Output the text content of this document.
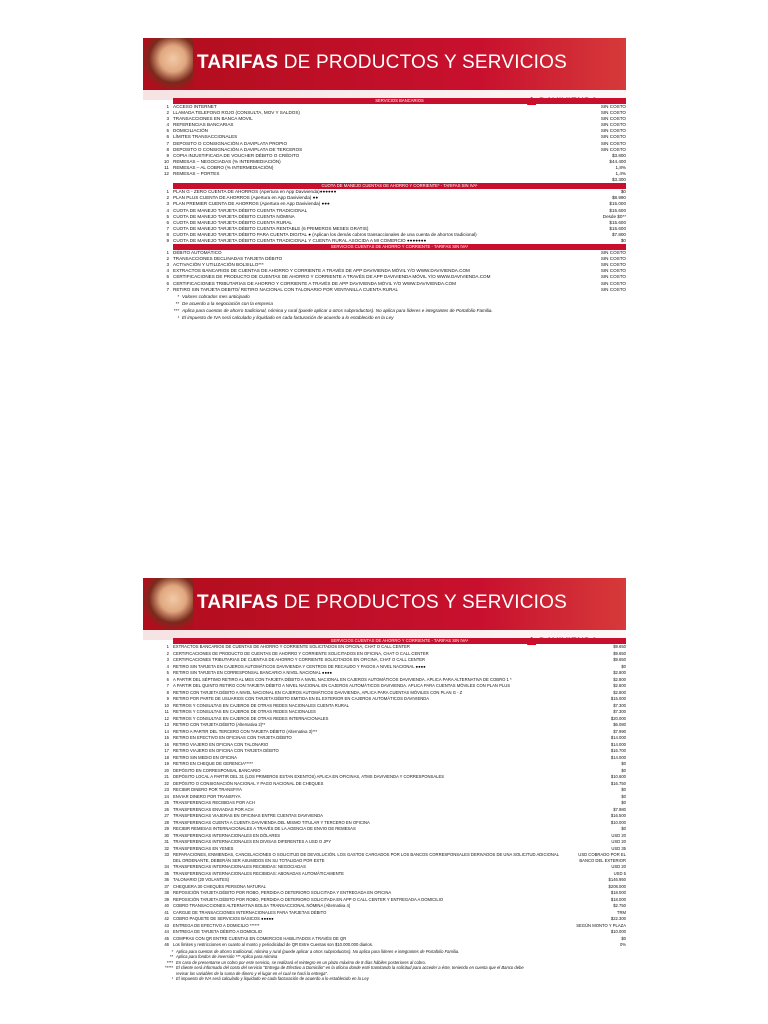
TARIFAS DE PRODUCTOS Y SERVICIOS
SERVICIOS BANCARIOS
1 ACCESO INTERNET	SIN COSTO
2 LLAMADA TELEFONO ROJO (CONSULTA, MOV Y SALDOS)	SIN COSTO
3 TRANSACCIONES EN BANCA MOVIL	SIN COSTO
4 REFERENCIAS BANCARIAS	SIN COSTO
5 DOMICILIACIÓN	SIN COSTO
6 LÍMITES TRANSACCIONALES	SIN COSTO
7 DEPOSITO O CONSIGNACIÓN A DAVIPLATA PROPIO	SIN COSTO
8 DEPOSITO O CONSIGNACIÓN A DAVIPLATA DE TERCEROS	SIN COSTO
9 COPIA INJUSTIFICADA DE VOUCHER DÉBITO O CRÉDITO	$3.800
10 REMESAS – NEGOCIADAS (% INTERMEDIACIÓN)	$44.400
11 REMESAS – AL COBRO (% INTERMEDIACIÓN)	1,8%
12 REMESAS – PORTES	1,4%
$3.300
CUOTA DE MANEJO CUENTAS DE AHORRO Y CORRIENTE* - TARIFAS SIN IVA¹
1 PLAN G - ZERO CUENTA DE AHORROS (Apertura en App Davivienda)●●●●●●	$0
2 PLAN PLUS CUENTA DE AHORROS (Apertura en App Davivienda) ●●	$8.990
3 PLAN PREMIER CUENTA DE AHORROS (Apertura en App Davivienda) ●●●	$15.000
4 CUOTA DE MANEJO TARJETA DÉBITO CUENTA TRADICIONAL	$15.600
5 CUOTA DE MANEJO TARJETA DÉBITO CUENTA NÓMINA	Desde $0**
6 CUOTA DE MANEJO TARJETA DÉBITO CUENTA RURAL	$15.600
7 CUOTA DE MANEJO TARJETA DÉBITO CUENTA RENTABLE (6 PRIMEROS MESES GRATIS)	$15.600
8 CUOTA DE MANEJO TARJETA DÉBITO PARA CUENTA DIGITAL ● (Aplican los demás cobros transaccionales de una cuenta de ahorros tradicional)	$7.800
9 CUOTA DE MANEJO TARJETA DÉBITO CUENTA TRADICIONAL Y CUENTA RURAL ASOCIDA A MI COMERCIO ●●●●●●●	$0
SERVICIOS CUENTAS DE AHORRO Y CORRIENTE - TARIFAS SIN IVA¹
1 DÉBITO AUTOMÁTICO	SIN COSTO
2 TRANSACCIONES DECLINADAS TARJETA DÉBITO	SIN COSTO
3 ACTIVACIÓN Y UTILIZACIÓN BOLSILLO***	SIN COSTO
4 EXTRACTOS BANCARIOS DE CUENTAS DE AHORRO Y CORRIENTE A TRAVÉS DE APP DAVIVIENDA MÓVIL Y/O WWW.DAVIVIENDA.COM	SIN COSTO
5 CERTIFICACIONES DE PRODUCTO DE CUENTAS DE AHORRO Y CORRIENTE A TRAVÉS DE APP DAVIVIENDA MÓVIL Y/O WWW.DAVIVIENDA.COM	SIN COSTO
6 CERTIFICACIONES TRIBUTARIAS DE AHORRO Y CORRIENTE A TRAVÉS DE APP DAVIVIENDA MÓVIL Y/O WWW.DAVIVIENDA.COM	SIN COSTO
7 RETIRO SIN TARJETA DEBITO/ RETIRO NACIONAL CON TALONARIO POR VENTANILLA CUENTA RURAL	SIN COSTO
* Valores cobrados mes anticipado
** De acuerdo a la negociación con la empresa
*** Aplica para cuentas de ahorro tradicional, nómina y rural (puede aplicar a otros subproductos). No aplica para líderes e integrantes de Portafolio Familia.
¹ El impuesto de IVA será calculado y liquidado en cada facturación de acuerdo a lo establecido en la Ley
TARIFAS DE PRODUCTOS Y SERVICIOS
SERVICIOS CUENTAS DE AHORRO Y CORRIENTE - TARIFAS SIN IVA¹
1 EXTRACTOS BANCARIOS DE CUENTAS DE AHORRO Y CORRIENTE SOLICITADOS EN OFICINA, CHAT O CALL CENTER	$9.650
2 CERTIFICACIONES DE PRODUCTO DE CUENTAS DE AHORRO Y CORRIENTE SOLICITADOS EN OFICINA, CHAT O CALL CENTER	$9.650
3 CERTIFICACIONES TRIBUTARIAS DE CUENTAS DE AHORRO Y CORRIENTE SOLICITADOS EN OFICINA, CHAT O CALL CENTER	$9.650
4 RETIRO SIN TARJETA EN CAJEROS AUTOMÁTICOS DAVIVIENDA Y CENTROS DE RECAUDO Y PAGOS A NIVEL NACIONAL ●●●●	$0
5 RETIRO SIN TARJETA EN CORRESPONSAL BANCARIO A NIVEL NACIONAL ●●●●	$2.800
6 A PARTIR DEL SÉPTIMO RETIRO AL MES CON TARJETA DÉBITO A NIVEL NACIONAL EN CAJEROS AUTOMÁTICOS DAVIVIENDA. APLICA PARA ALTERNATIVA DE COBRO 1 *	$2.800
7 A PARTIR DEL QUINTO RETIRO CON TARJETA DÉBITO A NIVEL NACIONAL EN CAJEROS AUTOMÁTICOS DAVIVIENDA. APLICA PARA CUENTAS MÓVILES CON PLAN PLUS	$2.800
8 RETIRO CON TARJETA DÉBITO A NIVEL NACIONAL EN CAJEROS AUTOMÁTICOS DAVIVIENDA, APLICA PARA CUENTAS MÓVILES CON PLAN G - Z	$2.800
9 RETIRO POR PARTE DE USUARIOS CON TARJETA DÉBITO EMITIDA EN EL EXTERIOR EN CAJEROS AUTOMÁTICOS DAVIVIENDA	$15.000
10 RETIROS Y CONSULTAS EN CAJEROS DE OTRAS REDES NACIONALES CUENTA RURAL	$7.300
11 RETIROS Y CONSULTAS EN CAJEROS DE OTRAS REDES NACIONALES	$7.300
12 RETIROS Y CONSULTAS EN CAJEROS DE OTRAS REDES INTERNACIONALES	$20.000
13 RETIRO CON TARJETA DÉBITO (Alternativa 2)**	$6.080
14 RETIRO A PARTIR DEL TERCERO CON TARJETA DÉBITO (Alternativa 3)***	$7.990
15 RETIRO EN EFECTIVO EN OFICINAS CON TARJETA DÉBITO	$14.000
16 RETIRO VIAJERO EN OFICINA CON TALONARIO	$14.000
17 RETIRO VIAJERO EN OFICINA CON TARJETA DÉBITO	$16.700
18 RETIRO SIN MEDIO EN OFICINA	$14.000
19 RETIRO EN CHEQUE DE GERENCIA*****	$0
20 DEPÓSITO EN CORRESPONSAL BANCARIO	$0
21 DEPÓSITO LOCAL A PARTIR DEL 31 (LOS PRIMEROS ESTAN EXENTOS) APLICA EN OFICINAS, ATMS DAVIVIENDA Y CORRESPONSALES	$10.600
22 DEPÓSITO O CONSIGNACIÓN NACIONAL Y PAGO NACIONAL DE CHEQUES	$16.750
23 RECIBIR DINERO POR TRANSFIYA	$0
24 ENVIAR DINERO POR TRANSFIYA	$0
25 TRANSFERENCIAS RECIBIDAS POR ACH	$0
26 TRANSFERENCIAS ENVIADAS POR ACH	$7.980
27 TRANSFERENCIAS VIAJERAS EN OFICINAS ENTRE CUENTAS DAVIVIENDA	$16.500
28 TRANSFERENCIAS CUENTA A CUENTA DAVIVIENDA DEL MISMO TITULAR Y TERCERO EN OFICINA	$10.000
29 RECIBIR REMESAS INTERNACIONALES A TRAVÉS DE LA AGENCIA DE ENVIO DE REMESAS	$0
30 TRANSFERENCIAS INTERNACIONALES EN DÓLARES	USD 20
31 TRANSFERENCIAS INTERNACIONALES EN DIVISAS DIFERENTES A USD O JPY	USD 20
32 TRANSFERENCIAS EN YENES	USD 35
33 REPARACIONES, ENMIENDAS, CANCELACIONES O SOLICITUD DE DEVOLUCIÓN. LOS GASTOS CARGADOS POR LOS BANCOS CORRESPONSALES DERIVADOS DE UNA SOLICITUD ADICIONAL DEL ORDENANTE, DEBERÁN SER ASUMIDOS EN SU TOTALIDAD POR ESTE
USD COBRADO POR EL BANCO DEL EXTERIOR
34 TRANSFERENCIAS INTERNACIONALES RECIBIDAS: NEGOCIADAS	USD 20
35 TRANSFERENCIAS INTERNACIONALES RECIBIDAS: ABONADAS AUTOMÁTICAMENTE	USD 5
36 TALONARIO (20 VOLANTES)	$146.950
37 CHEQUERA 30 CHEQUES PERSONA NATURAL	$208.000
38 REPOSICIÓN TARJETA DÉBITO POR ROBO, PERDIDA O DETERIORO SOLICITADA Y ENTREGADA EN OFICINA	$18.000
39 REPOSICIÓN TARJETA DÉBITO POR ROBO, PERDIDA O DETERIORO SOLICITADA EN APP O CALL CENTER Y ENTREGADA A DOMICILIO	$18.000
40 COBRO TRANSACCIONES ALTERNATIVA BOLSA TRANSACCIONAL NÓMINA (Alternativa 4)	$2.750
41 CARGUE DE TRANSACCIONES INTERNACIONALES PARA TARJETAS DÉBITO	TRM
42 COBRO PAQUETE DE SERVICIOS BÁSICOS ●●●●●	$22.300
43 ENTREGA DE EFECTIVO A DOMICILIO ******	SEGÚN MONTO Y PLAZA
44 ENTREGA DE TARJETA DÉBITO A DOMICILIO	$10.000
45 COMPRAS CON QR ENTRE CUENTAS EN COMERCIOS HABILITADOS A TRAVÉS DE QR	$0
46 Los límites y restricciones en cuanto al monto y periodicidad de QR Entre Cuentas son $10.000.000 diarios.	0%
* Aplica para cuentas de ahorro tradicional, nómina y rural (puede aplicar a otros subproductos). No aplica para líderes e integrantes de Portafolio Familia.
** Aplica para fondos de inversión *** Aplica para nómina
**** En caso de presentarse un cobro por este servicio, se realizará el reintegro en un plazo máximo de 8 días hábiles posteriores al cobro.
***** El cliente será informado del costo del servicio "Entrega de Efectivo a Domicilio" en la oficina donde esté tramitando la solicitud para acceder a éste, teniendo en cuenta que el Banco debe
revisar las variables de la suma de dinero y el lugar en el cual se hará la entrega".
¹ El impuesto de IVA será calculado y liquidado en cada facturación de acuerdo a lo establecido en la Ley
